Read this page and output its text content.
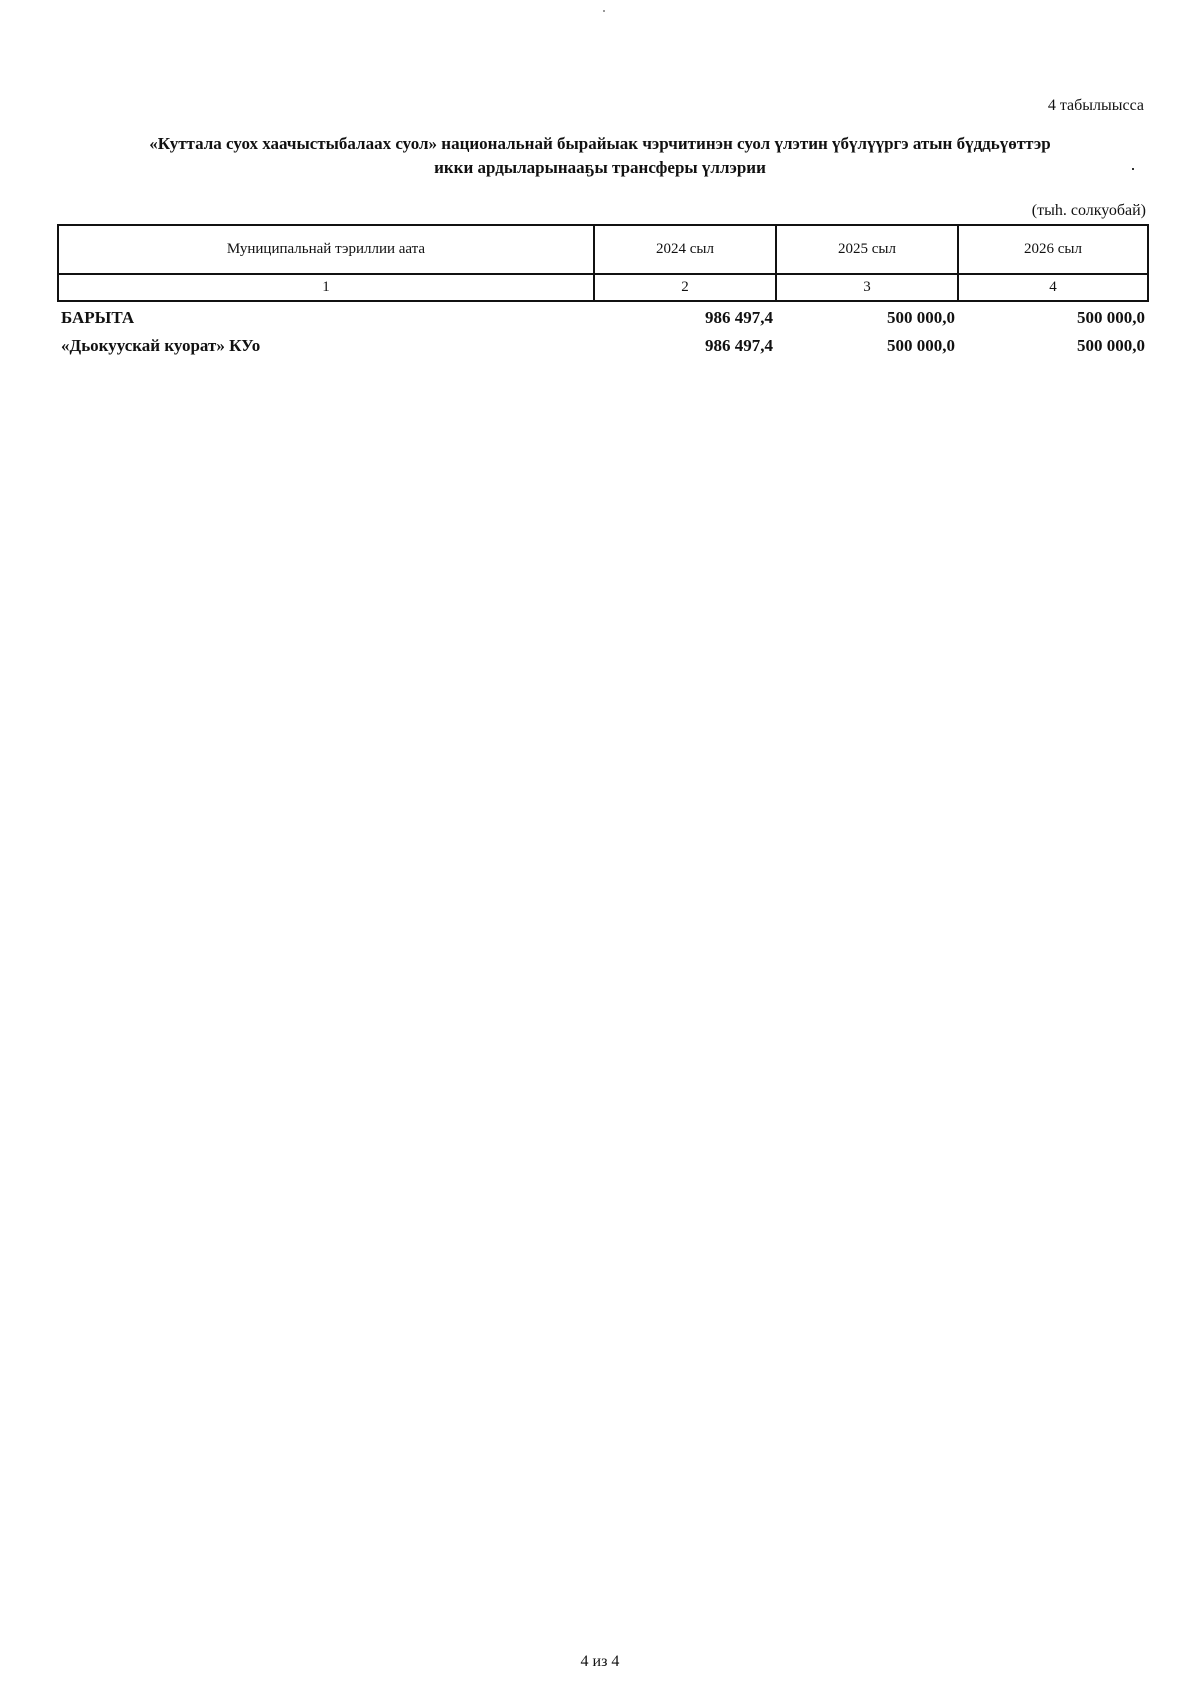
4 табылыысса
«Куттала суох хаачыстыбалаах суол» национальнай бырайыак чэрчитинэн суол үлэтин үбүлүүргэ атын бүддьүөттэр
икки ардыларынааҕы трансферы үллэрии
(тыһ. солкуобай)
Муниципальнай тэриллии аата	2024 сыл	2025 сыл	2026 сыл
1	2	3	4
БАРЫТА	986 497,4	500 000,0	500 000,0
«Дьокуускай куорат» КУо	986 497,4	500 000,0	500 000,0
4 из 4
